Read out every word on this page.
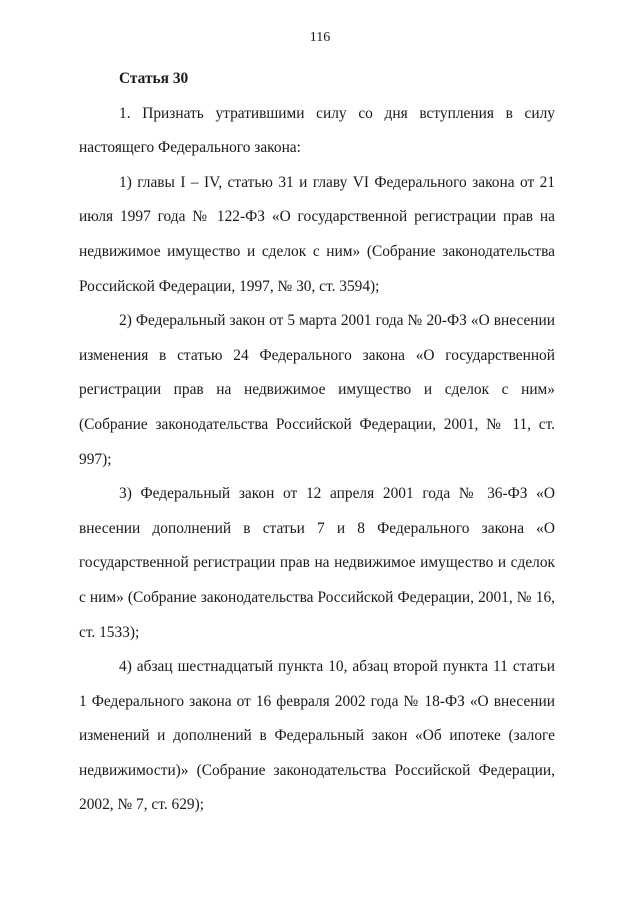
116

Статья 30

1. Признать утратившими силу со дня вступления в силу настоящего Федерального закона:

1) главы I – IV, статью 31 и главу VI Федерального закона от 21 июля 1997 года № 122-ФЗ «О государственной регистрации прав на недвижимое имущество и сделок с ним» (Собрание законодательства Российской Федерации, 1997, № 30, ст. 3594);

2) Федеральный закон от 5 марта 2001 года № 20-ФЗ «О внесении изменения в статью 24 Федерального закона «О государственной регистрации прав на недвижимое имущество и сделок с ним» (Собрание законодательства Российской Федерации, 2001, № 11, ст. 997);

3) Федеральный закон от 12 апреля 2001 года № 36-ФЗ «О внесении дополнений в статьи 7 и 8 Федерального закона «О государственной регистрации прав на недвижимое имущество и сделок с ним» (Собрание законодательства Российской Федерации, 2001, № 16, ст. 1533);

4) абзац шестнадцатый пункта 10, абзац второй пункта 11 статьи 1 Федерального закона от 16 февраля 2002 года № 18-ФЗ «О внесении изменений и дополнений в Федеральный закон «Об ипотеке (залоге недвижимости)» (Собрание законодательства Российской Федерации, 2002, № 7, ст. 629);
